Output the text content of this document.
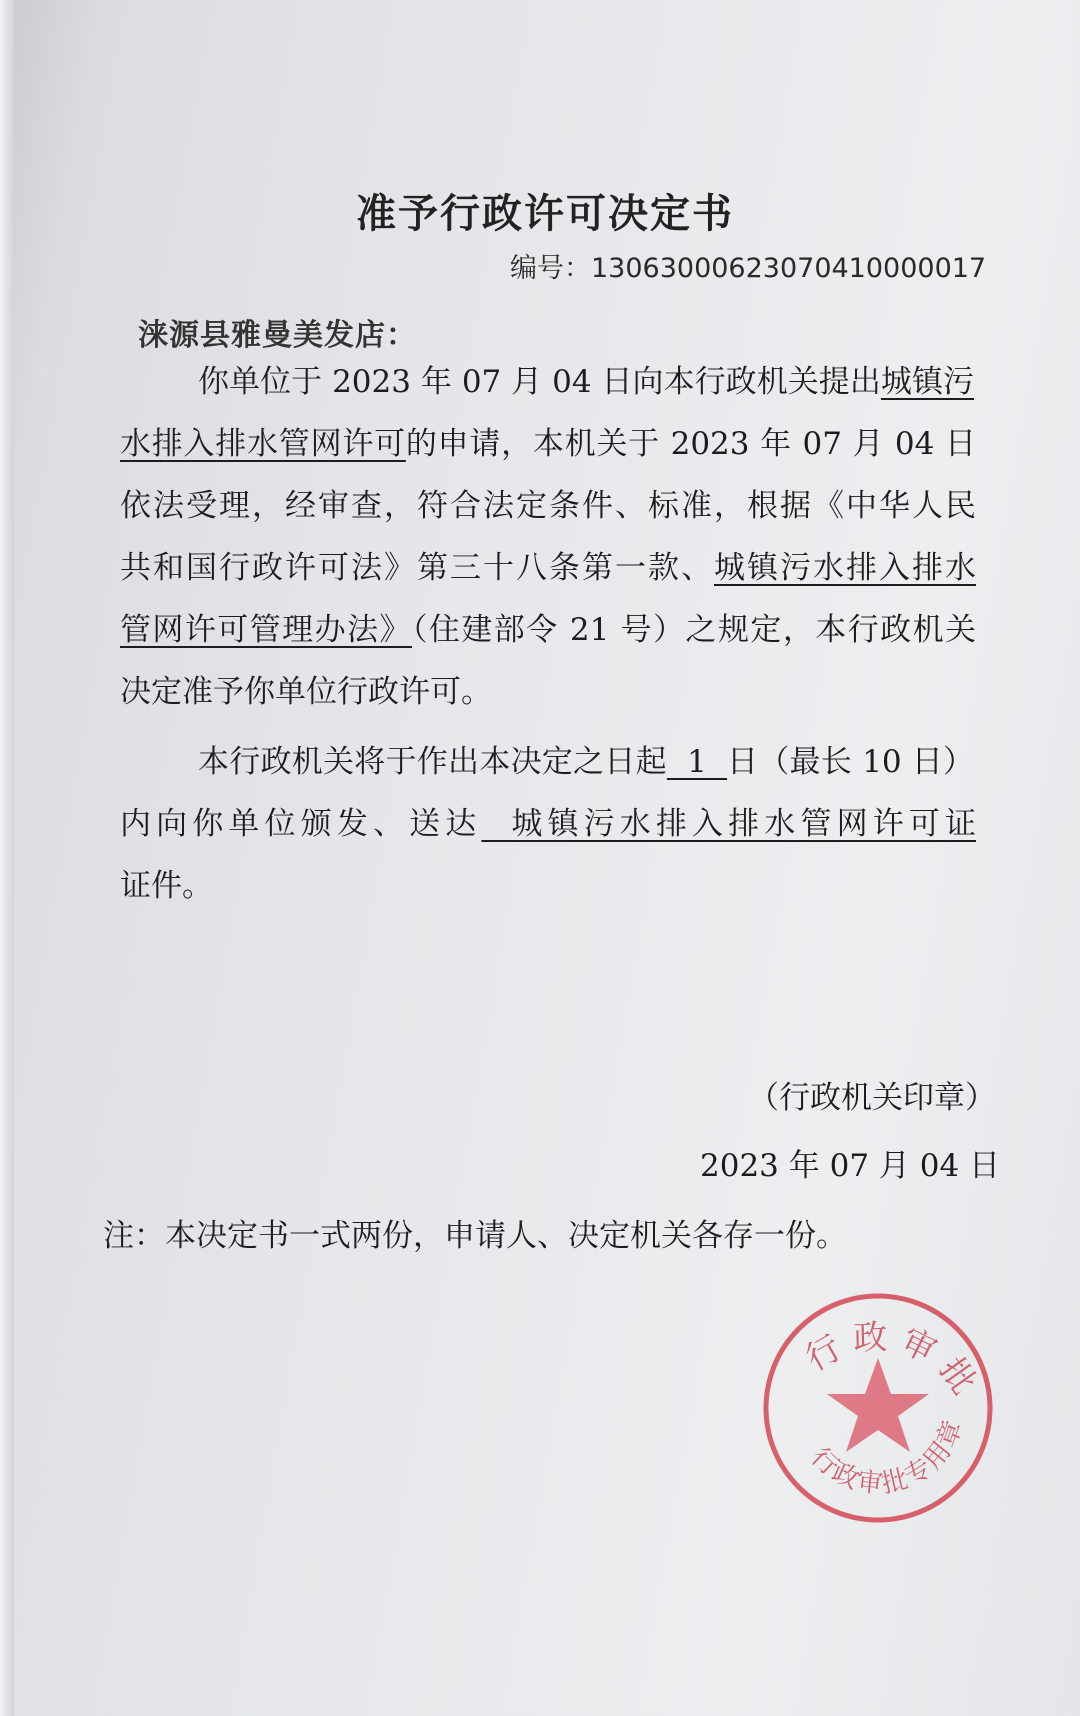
准予行政许可决定书
编号：13063000623070410000017
涞源县雅曼美发店：
你单位于 2023 年 07 月 04 日向本行政机关提出城镇污
水排入排水管网许可的申请，本机关于 2023 年 07 月 04 日
依法受理，经审查，符合法定条件、标准，根据《中华人民
共和国行政许可法》第三十八条第一款、城镇污水排入排水
管网许可管理办法》（住建部令 21 号）之规定，本行政机关
决定准予你单位行政许可。
本行政机关将于作出本决定之日起  1  日（最长 10 日）
内向你单位颁发、送达  城镇污水排入排水管网许可证
证件。
（行政机关印章）
2023 年 07 月 04 日
注：本决定书一式两份，申请人、决定机关各存一份。
行政审批
行政审批专用章
